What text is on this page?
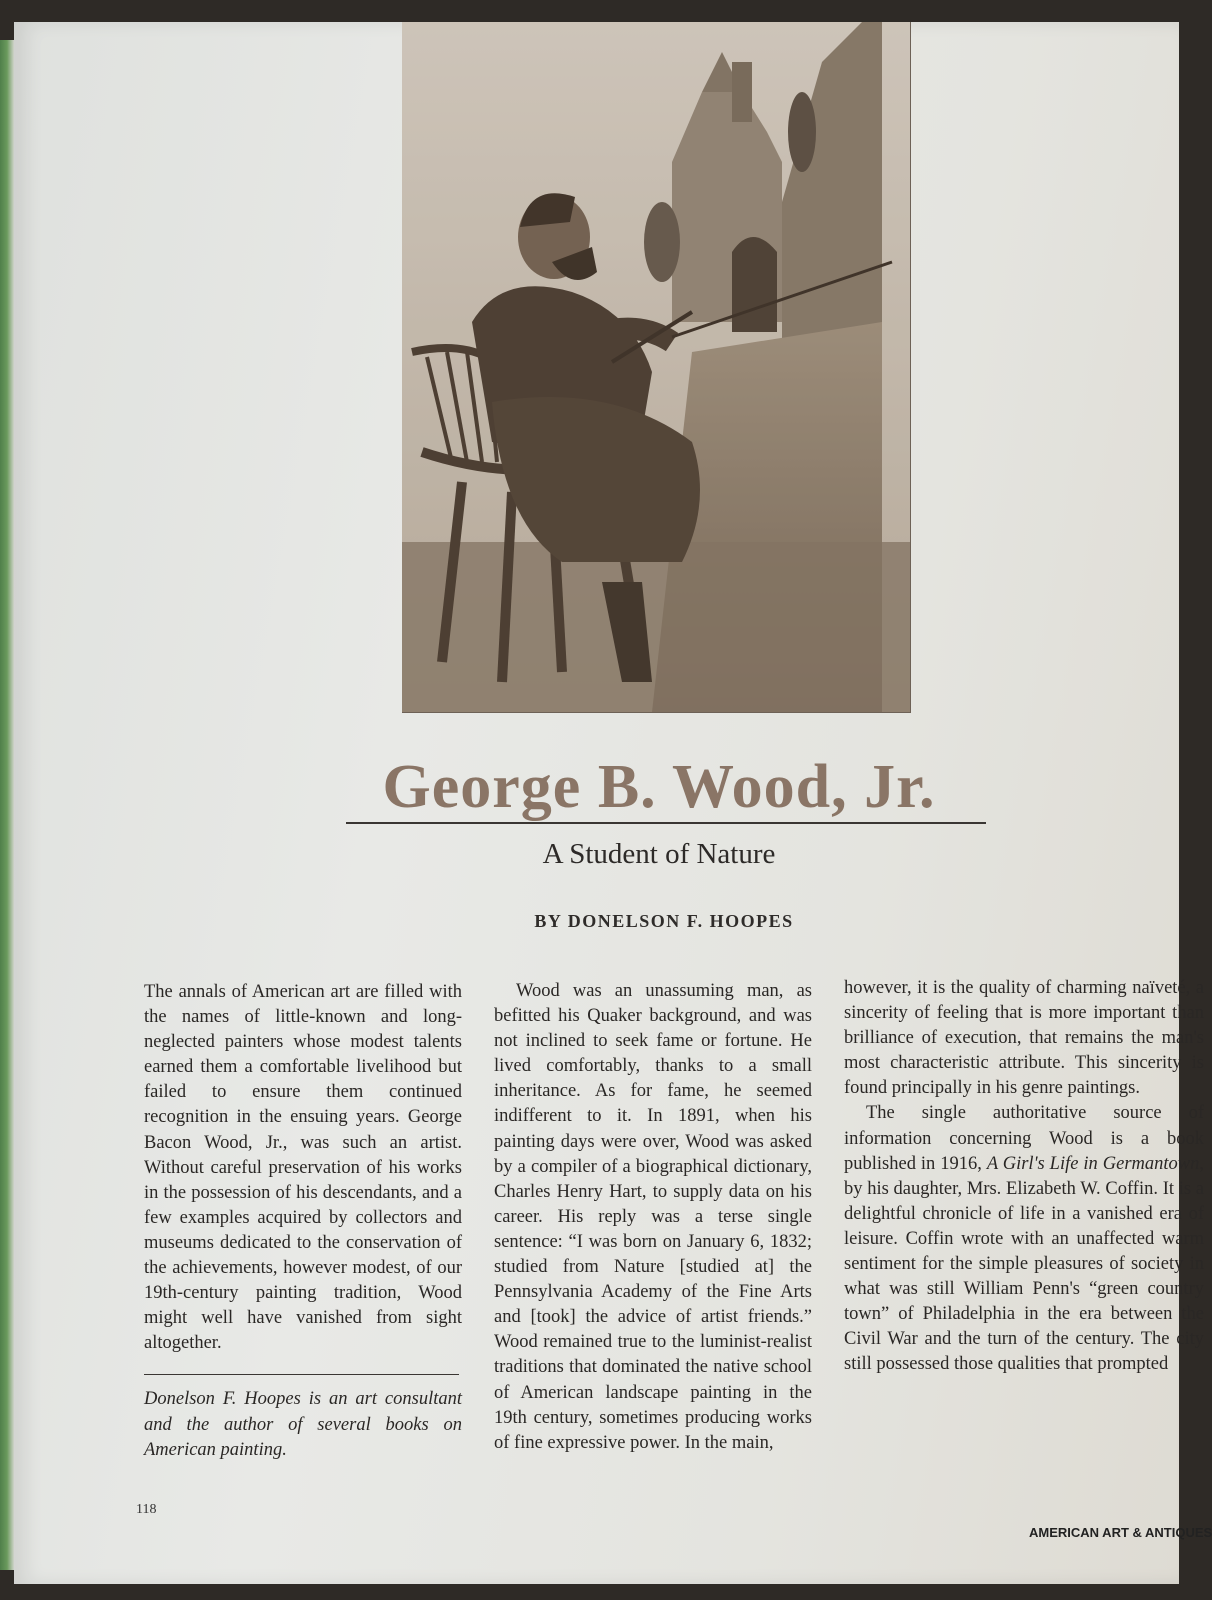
George B. Wood, Jr.
A Student of Nature
BY DONELSON F. HOOPES

The annals of American art are filled with the names of little-known and long-neglected painters whose modest talents earned them a comfortable livelihood but failed to ensure them continued recognition in the ensuing years. George Bacon Wood, Jr., was such an artist. Without careful preservation of his works in the possession of his descendants, and a few examples acquired by collectors and museums dedicated to the conservation of the achievements, however modest, of our 19th-century painting tradition, Wood might well have vanished from sight altogether.

Donelson F. Hoopes is an art consultant and the author of several books on American painting.

Wood was an unassuming man, as befitted his Quaker background, and was not inclined to seek fame or fortune. He lived comfortably, thanks to a small inheritance. As for fame, he seemed indifferent to it. In 1891, when his painting days were over, Wood was asked by a compiler of a biographical dictionary, Charles Henry Hart, to supply data on his career. His reply was a terse single sentence: “I was born on January 6, 1832; studied from Nature [studied at] the Pennsylvania Academy of the Fine Arts and [took] the advice of artist friends.” Wood remained true to the luminist-realist traditions that dominated the native school of American landscape painting in the 19th century, sometimes producing works of fine expressive power. In the main,

however, it is the quality of charming naïveté, a sincerity of feeling that is more important than brilliance of execution, that remains the man's most characteristic attribute. This sincerity is found principally in his genre paintings.

The single authoritative source of information concerning Wood is a book published in 1916, A Girl's Life in Germantown, by his daughter, Mrs. Elizabeth W. Coffin. It is a delightful chronicle of life in a vanished era of leisure. Coffin wrote with an unaffected warm sentiment for the simple pleasures of society in what was still William Penn's “green country town” of Philadelphia in the era between the Civil War and the turn of the century. The city still possessed those qualities that prompted

118
AMERICAN ART & ANTIQUES
